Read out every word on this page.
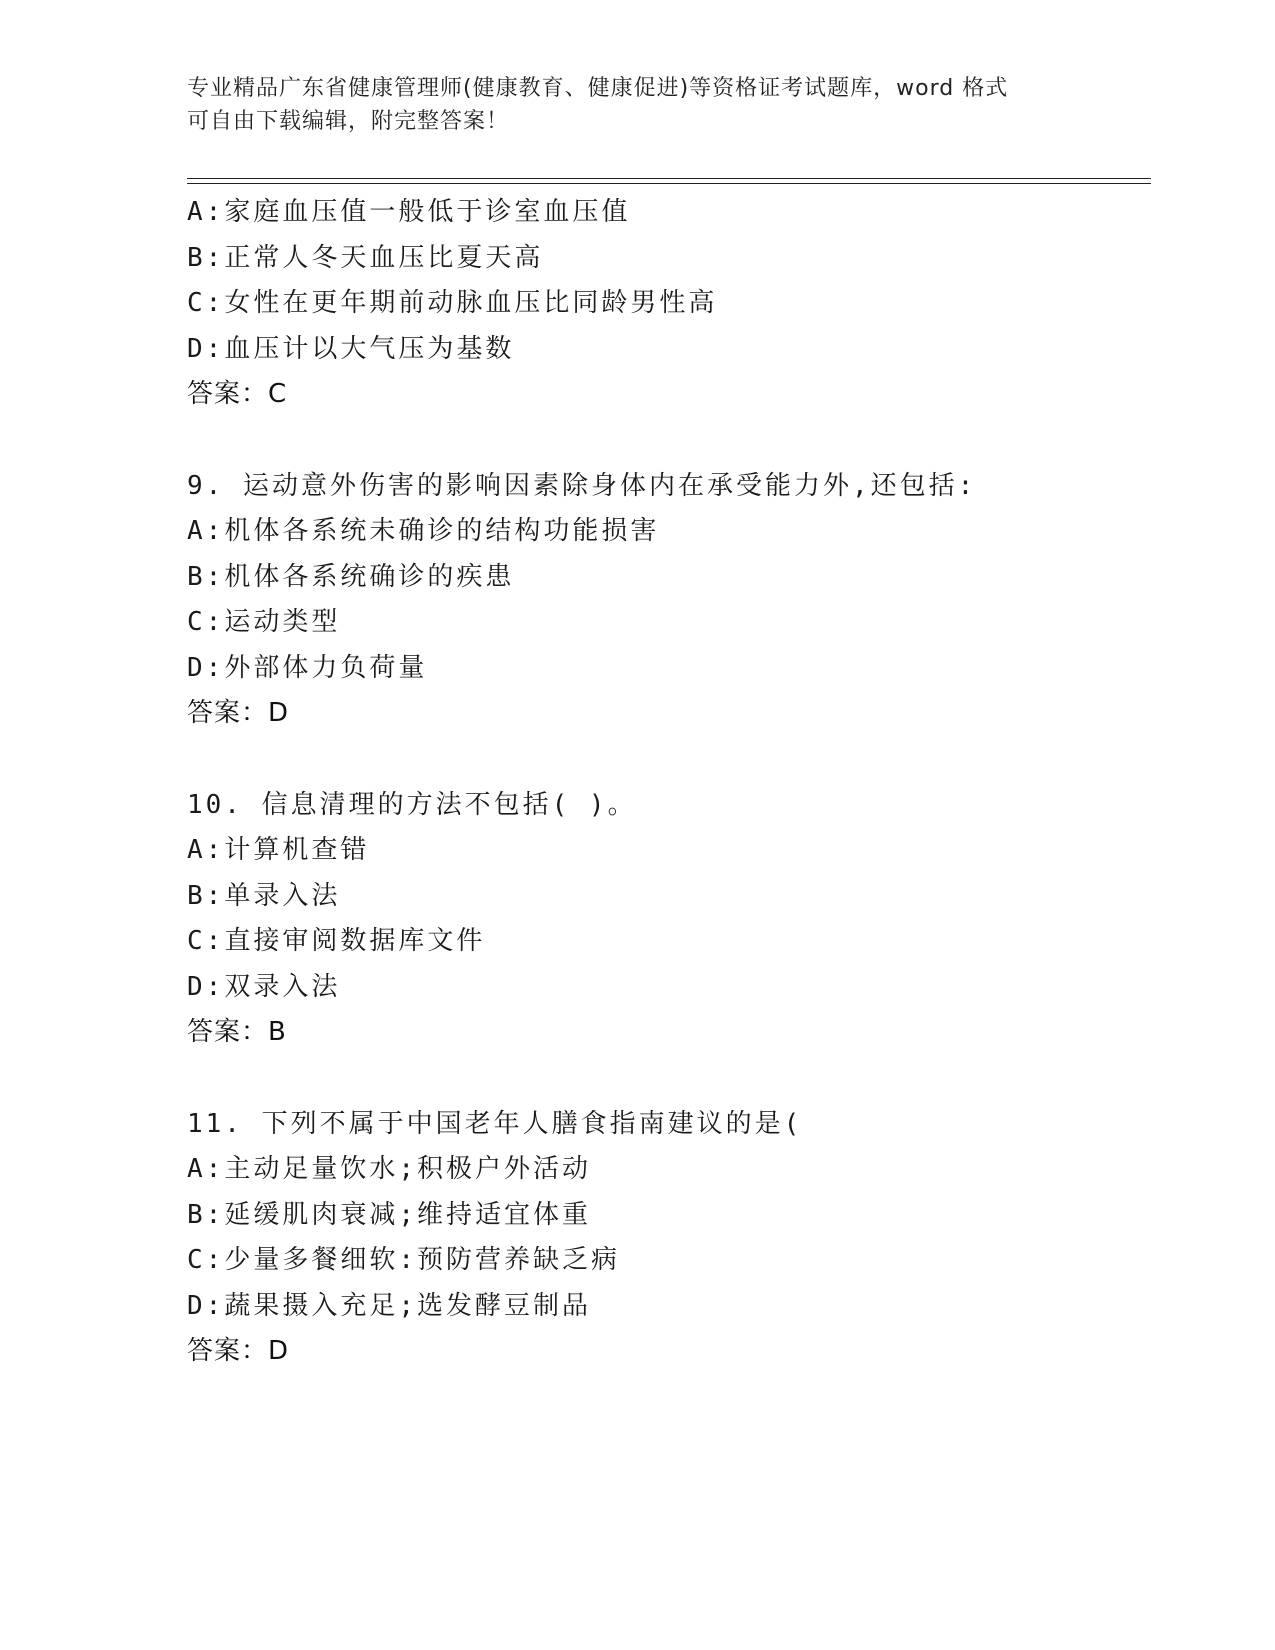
专业精品广东省健康管理师(健康教育、健康促进)等资格证考试题库，word 格式
可自由下载编辑，附完整答案！
A:家庭血压值一般低于诊室血压值
B:正常人冬天血压比夏天高
C:女性在更年期前动脉血压比同龄男性高
D:血压计以大气压为基数
答案：C
9. 运动意外伤害的影响因素除身体内在承受能力外,还包括:
A:机体各系统未确诊的结构功能损害
B:机体各系统确诊的疾患
C:运动类型
D:外部体力负荷量
答案：D
10. 信息清理的方法不包括( )。
A:计算机查错
B:单录入法
C:直接审阅数据库文件
D:双录入法
答案：B
11. 下列不属于中国老年人膳食指南建议的是(
A:主动足量饮水;积极户外活动
B:延缓肌肉衰减;维持适宜体重
C:少量多餐细软:预防营养缺乏病
D:蔬果摄入充足;选发酵豆制品
答案：D
